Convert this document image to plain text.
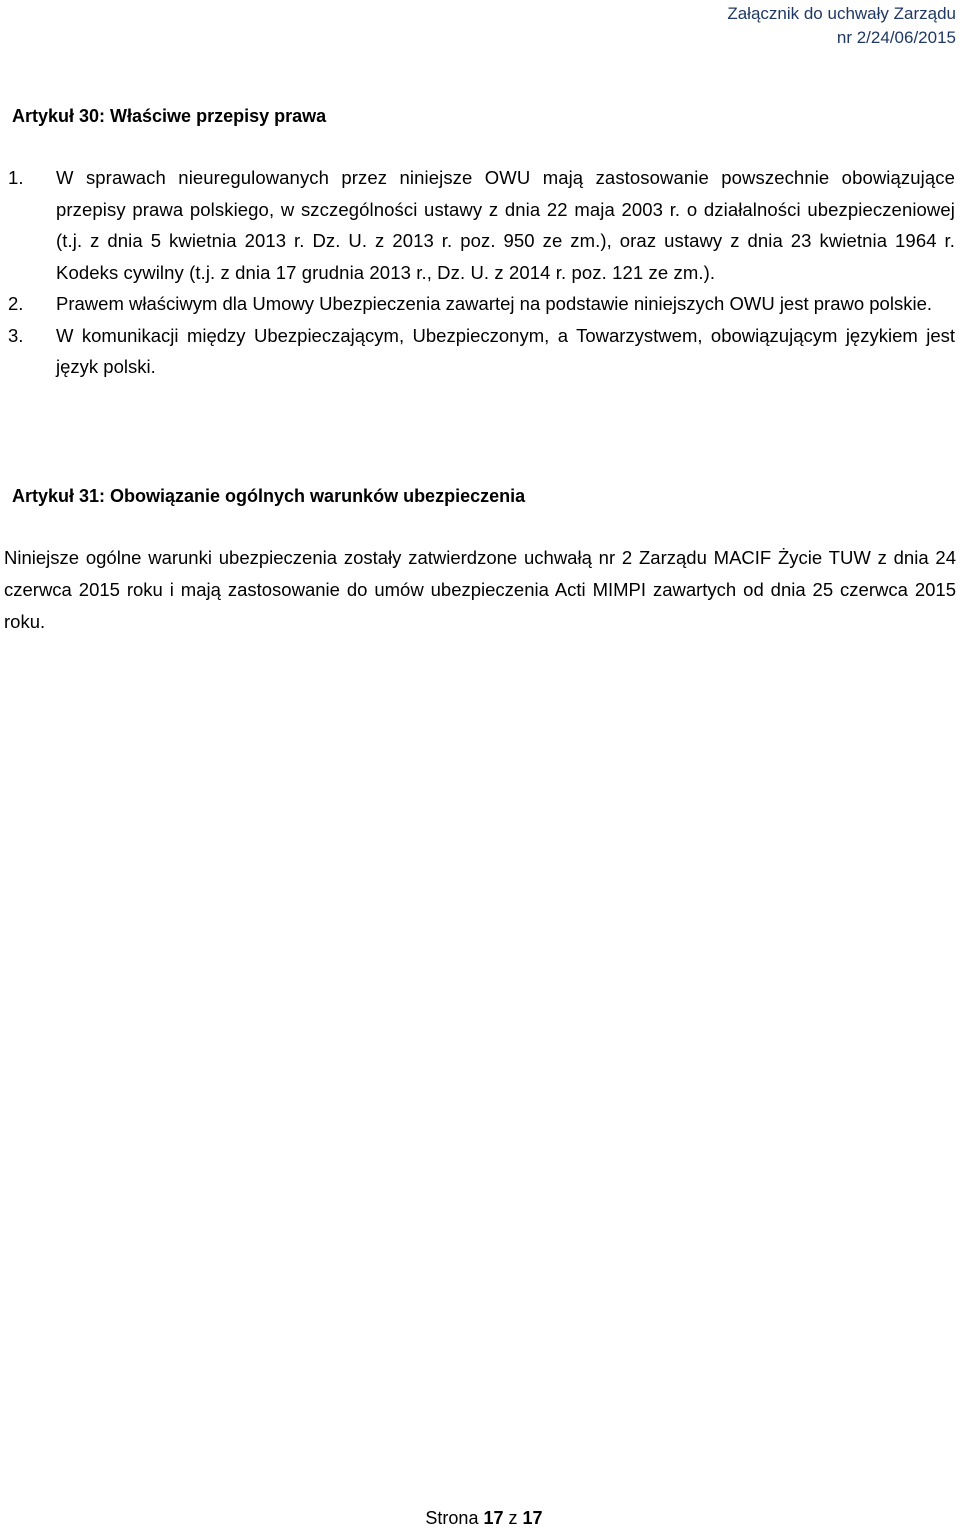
Załącznik do uchwały Zarządu
nr 2/24/06/2015
Artykuł 30: Właściwe przepisy prawa
1. W sprawach nieuregulowanych przez niniejsze OWU mają zastosowanie powszechnie obowiązujące przepisy prawa polskiego, w szczególności ustawy z dnia 22 maja 2003 r. o działalności ubezpieczeniowej (t.j. z dnia 5 kwietnia 2013 r. Dz. U. z 2013 r. poz. 950 ze zm.), oraz ustawy z dnia 23 kwietnia 1964 r. Kodeks cywilny (t.j. z dnia 17 grudnia 2013 r., Dz. U. z 2014 r. poz. 121 ze zm.).
2. Prawem właściwym dla Umowy Ubezpieczenia zawartej na podstawie niniejszych OWU jest prawo polskie.
3. W komunikacji między Ubezpieczającym, Ubezpieczonym, a Towarzystwem, obowiązującym językiem jest język polski.
Artykuł 31: Obowiązanie ogólnych warunków ubezpieczenia

Niniejsze ogólne warunki ubezpieczenia zostały zatwierdzone uchwałą nr 2 Zarządu MACIF Życie TUW z dnia 24 czerwca 2015 roku i mają zastosowanie do umów ubezpieczenia Acti MIMPI zawartych od dnia 25 czerwca 2015 roku.

Strona 17 z 17
